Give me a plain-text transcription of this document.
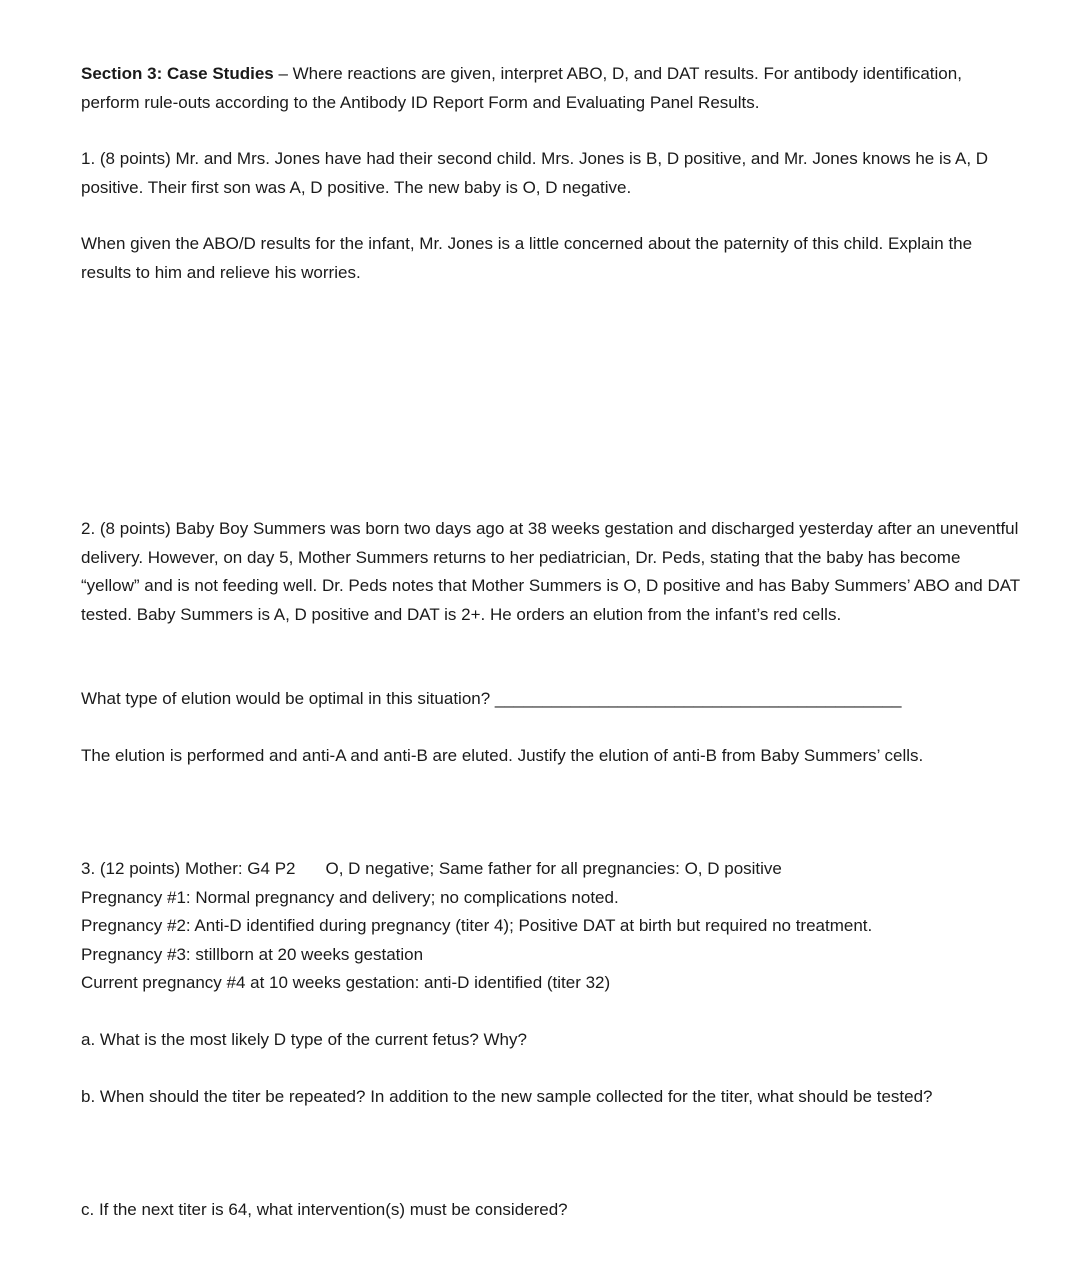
Section 3: Case Studies – Where reactions are given, interpret ABO, D, and DAT results. For antibody identification, perform rule-outs according to the Antibody ID Report Form and Evaluating Panel Results.

1. (8 points) Mr. and Mrs. Jones have had their second child. Mrs. Jones is B, D positive, and Mr. Jones knows he is A, D positive. Their first son was A, D positive. The new baby is O, D negative.

When given the ABO/D results for the infant, Mr. Jones is a little concerned about the paternity of this child. Explain the results to him and relieve his worries.

2. (8 points) Baby Boy Summers was born two days ago at 38 weeks gestation and discharged yesterday after an uneventful delivery. However, on day 5, Mother Summers returns to her pediatrician, Dr. Peds, stating that the baby has become “yellow” and is not feeding well. Dr. Peds notes that Mother Summers is O, D positive and has Baby Summers’ ABO and DAT tested. Baby Summers is A, D positive and DAT is 2+. He orders an elution from the infant’s red cells.

What type of elution would be optimal in this situation? ___________________________________________

The elution is performed and anti-A and anti-B are eluted. Justify the elution of anti-B from Baby Summers’ cells.

3. (12 points) Mother: G4 P2 O, D negative; Same father for all pregnancies: O, D positive
Pregnancy #1: Normal pregnancy and delivery; no complications noted.
Pregnancy #2: Anti-D identified during pregnancy (titer 4); Positive DAT at birth but required no treatment.
Pregnancy #3: stillborn at 20 weeks gestation
Current pregnancy #4 at 10 weeks gestation: anti-D identified (titer 32)

a. What is the most likely D type of the current fetus? Why?

b. When should the titer be repeated? In addition to the new sample collected for the titer, what should be tested?

c. If the next titer is 64, what intervention(s) must be considered?
